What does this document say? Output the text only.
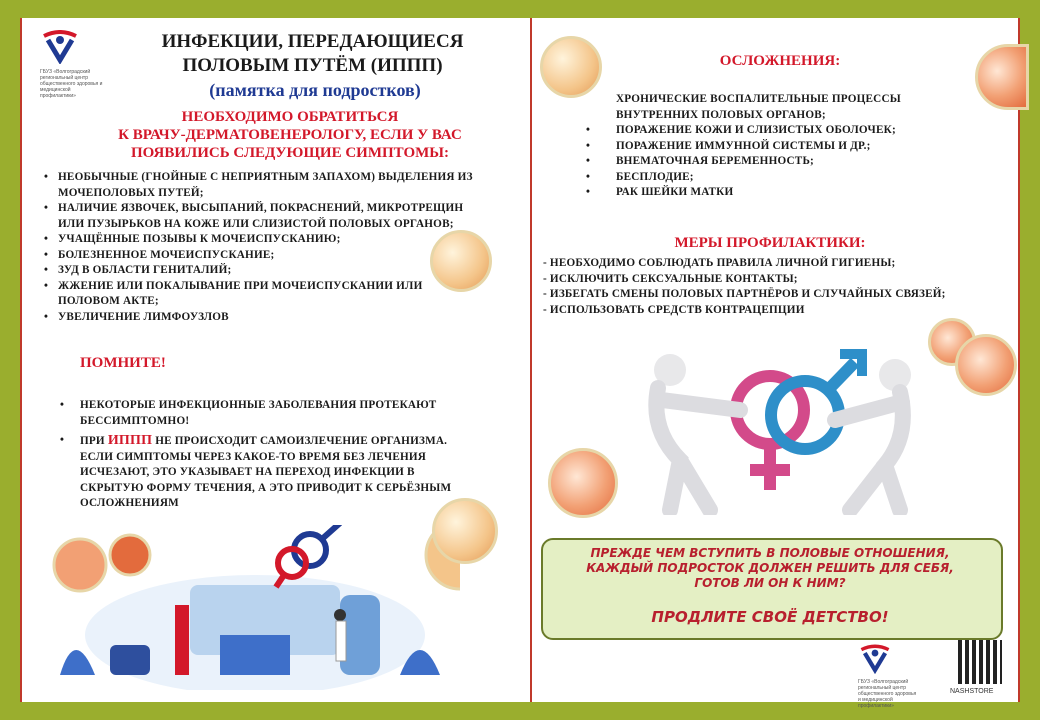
ГБУЗ «Волгоградский региональный центр общественного здоровья и медицинской профилактики»
ИНФЕКЦИИ, ПЕРЕДАЮЩИЕСЯ
ПОЛОВЫМ ПУТЁМ (ИППП)
(памятка для подростков)
НЕОБХОДИМО ОБРАТИТЬСЯ
К ВРАЧУ-ДЕРМАТОВЕНЕРОЛОГУ, ЕСЛИ У ВАС
ПОЯВИЛИСЬ СЛЕДУЮЩИЕ СИМПТОМЫ:
• НЕОБЫЧНЫЕ (ГНОЙНЫЕ С НЕПРИЯТНЫМ ЗАПАХОМ) ВЫДЕЛЕНИЯ ИЗ МОЧЕПОЛОВЫХ ПУТЕЙ;
• НАЛИЧИЕ ЯЗВОЧЕК, ВЫСЫПАНИЙ, ПОКРАСНЕНИЙ, МИКРОТРЕЩИН ИЛИ ПУЗЫРЬКОВ НА КОЖЕ ИЛИ СЛИЗИСТОЙ ПОЛОВЫХ ОРГАНОВ;
• УЧАЩЁННЫЕ ПОЗЫВЫ К МОЧЕИСПУСКАНИЮ;
• БОЛЕЗНЕННОЕ МОЧЕИСПУСКАНИЕ;
• ЗУД В ОБЛАСТИ ГЕНИТАЛИЙ;
• ЖЖЕНИЕ ИЛИ ПОКАЛЫВАНИЕ ПРИ МОЧЕИСПУСКАНИИ ИЛИ ПОЛОВОМ АКТЕ;
• УВЕЛИЧЕНИЕ ЛИМФОУЗЛОВ
ПОМНИТЕ!
• НЕКОТОРЫЕ ИНФЕКЦИОННЫЕ ЗАБОЛЕВАНИЯ ПРОТЕКАЮТ БЕССИМПТОМНО!
• ПРИ ИППП НЕ ПРОИСХОДИТ САМОИЗЛЕЧЕНИЕ ОРГАНИЗМА. ЕСЛИ СИМПТОМЫ ЧЕРЕЗ КАКОЕ-ТО ВРЕМЯ БЕЗ ЛЕЧЕНИЯ ИСЧЕЗАЮТ, ЭТО УКАЗЫВАЕТ НА ПЕРЕХОД ИНФЕКЦИИ В СКРЫТУЮ ФОРМУ ТЕЧЕНИЯ, А ЭТО ПРИВОДИТ К СЕРЬЁЗНЫМ ОСЛОЖНЕНИЯМ
ОСЛОЖНЕНИЯ:
ХРОНИЧЕСКИЕ ВОСПАЛИТЕЛЬНЫЕ ПРОЦЕССЫ ВНУТРЕННИХ ПОЛОВЫХ ОРГАНОВ;
• ПОРАЖЕНИЕ КОЖИ И СЛИЗИСТЫХ ОБОЛОЧЕК;
• ПОРАЖЕНИЕ ИММУННОЙ СИСТЕМЫ И ДР.;
• ВНЕМАТОЧНАЯ БЕРЕМЕННОСТЬ;
• БЕСПЛОДИЕ;
• РАК ШЕЙКИ МАТКИ
МЕРЫ ПРОФИЛАКТИКИ:
- НЕОБХОДИМО СОБЛЮДАТЬ ПРАВИЛА ЛИЧНОЙ ГИГИЕНЫ;
- ИСКЛЮЧИТЬ СЕКСУАЛЬНЫЕ КОНТАКТЫ;
- ИЗБЕГАТЬ СМЕНЫ ПОЛОВЫХ ПАРТНЁРОВ И СЛУЧАЙНЫХ СВЯЗЕЙ;
- ИСПОЛЬЗОВАТЬ СРЕДСТВ КОНТРАЦЕПЦИИ
ПРЕЖДЕ ЧЕМ ВСТУПИТЬ В ПОЛОВЫЕ ОТНОШЕНИЯ,
КАЖДЫЙ ПОДРОСТОК ДОЛЖЕН РЕШИТЬ ДЛЯ СЕБЯ,
ГОТОВ ЛИ ОН К НИМ?
ПРОДЛИТЕ СВОЁ ДЕТСТВО!
ГБУЗ «Волгоградский региональный центр общественного здоровья и медицинской профилактики»
NASHSTORE
